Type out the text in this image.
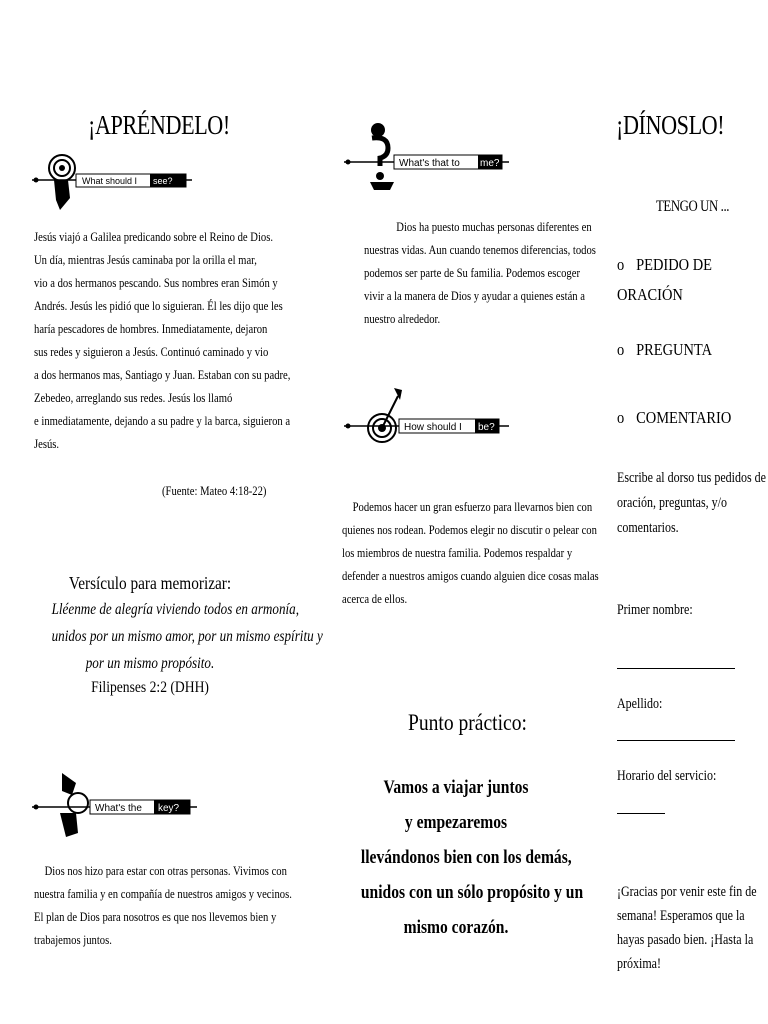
¡APRÉNDELO!
What should I see?
Jesús viajó a Galilea predicando sobre el Reino de Dios.
Un día, mientras Jesús caminaba por la orilla el mar,
vio a dos hermanos pescando. Sus nombres eran Simón y
Andrés. Jesús les pidió que lo siguieran. Él les dijo que les
haría pescadores de hombres. Inmediatamente, dejaron
sus redes y siguieron a Jesús. Continuó caminado y vio
a dos hermanos mas, Santiago y Juan. Estaban con su padre,
Zebedeo, arreglando sus redes. Jesús los llamó
e inmediatamente, dejando a su padre y la barca, siguieron a
Jesús.
(Fuente: Mateo 4:18-22)
Versículo para memorizar:
Lléenme de alegría viviendo todos en armonía,
unidos por un mismo amor, por un mismo espíritu y
por un mismo propósito.
Filipenses 2:2 (DHH)
What's the key?
Dios nos hizo para estar con otras personas. Vivimos con
nuestra familia y en compañía de nuestros amigos y vecinos.
El plan de Dios para nosotros es que nos llevemos bien y
trabajemos juntos.
What's that to me?
Dios ha puesto muchas personas diferentes en
nuestras vidas. Aun cuando tenemos diferencias, todos
podemos ser parte de Su familia. Podemos escoger
vivir a la manera de Dios y ayudar a quienes están a
nuestro alrededor.
How should I be?
Podemos hacer un gran esfuerzo para llevarnos bien con
quienes nos rodean. Podemos elegir no discutir o pelear con
los miembros de nuestra familia. Podemos respaldar y
defender a nuestros amigos cuando alguien dice cosas malas
acerca de ellos.
Punto práctico:
Vamos a viajar juntos
y empezaremos
llevándonos bien con los demás,
unidos con un sólo propósito y un
mismo corazón.
¡DÍNOSLO!
TENGO UN ...
o PEDIDO DE
ORACIÓN
o PREGUNTA
o COMENTARIO
Escribe al dorso tus pedidos de
oración, preguntas, y/o
comentarios.
Primer nombre:
Apellido:
Horario del servicio:
¡Gracias por venir este fin de
semana! Esperamos que la
hayas pasado bien. ¡Hasta la
próxima!
